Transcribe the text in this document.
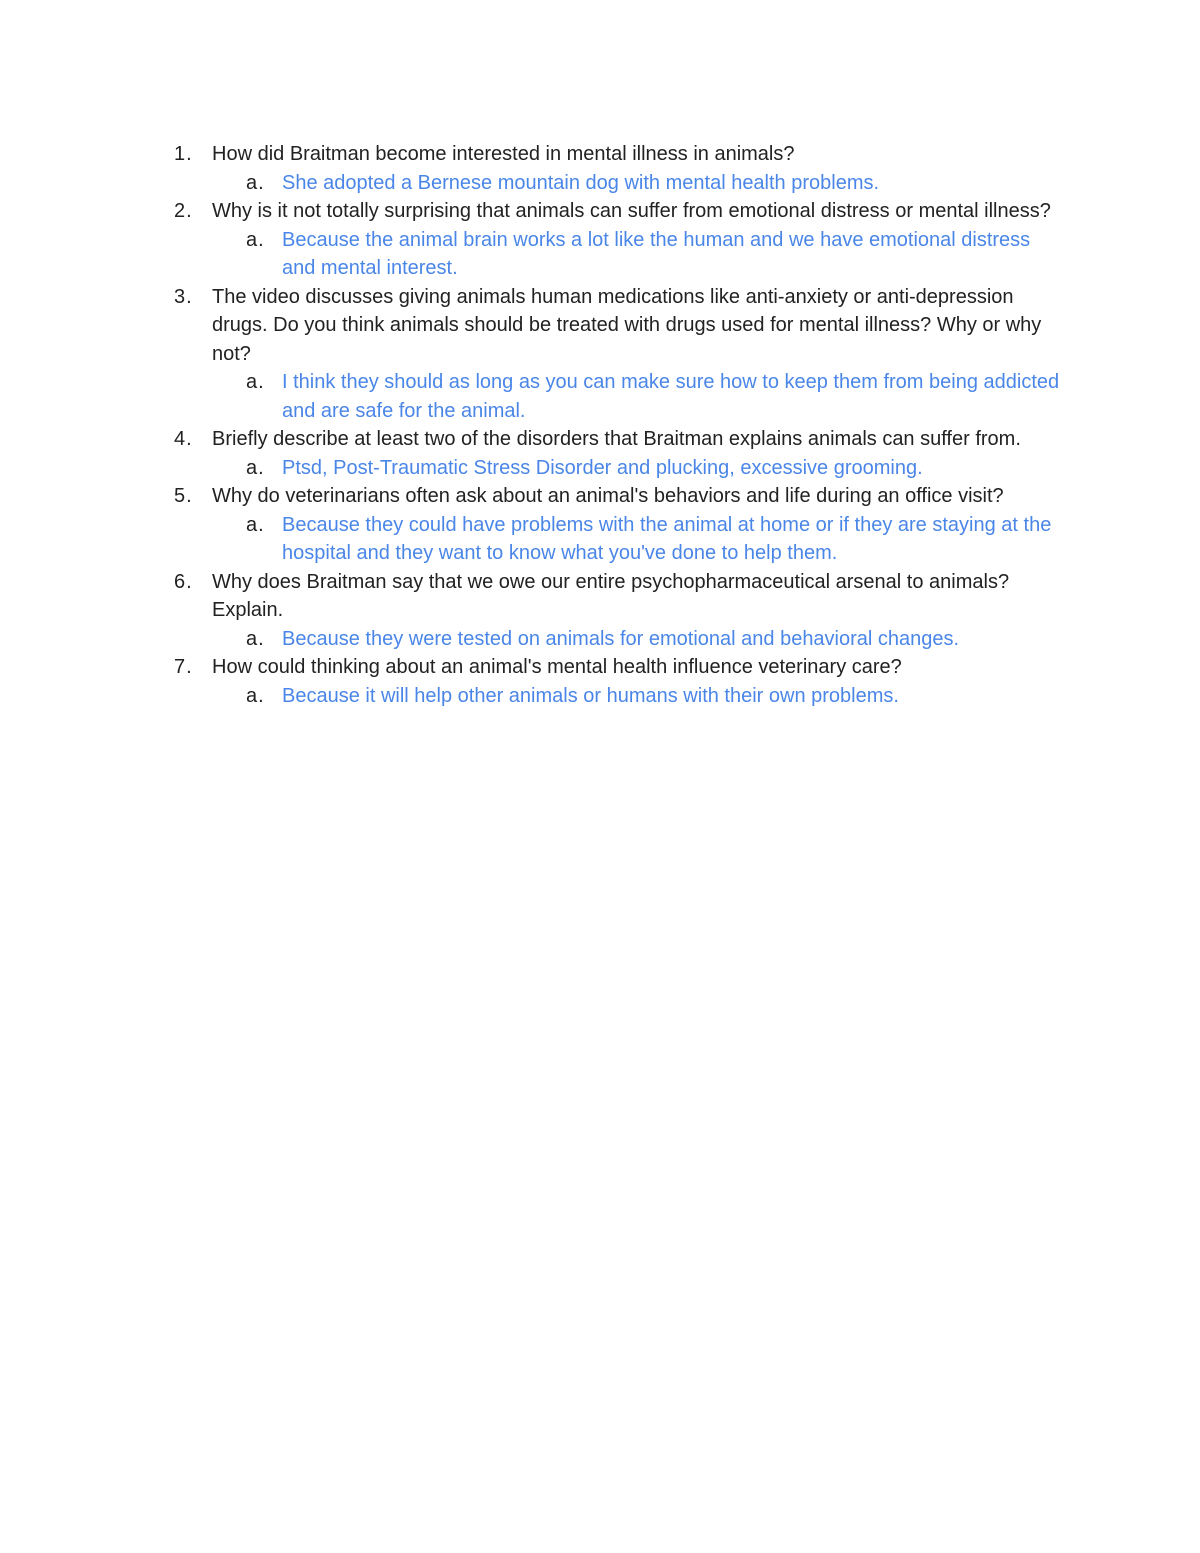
1. How did Braitman become interested in mental illness in animals?
a. She adopted a Bernese mountain dog with mental health problems.
2. Why is it not totally surprising that animals can suffer from emotional distress or mental illness?
a. Because the animal brain works a lot like the human and we have emotional distress and mental interest.
3. The video discusses giving animals human medications like anti-anxiety or anti-depression drugs. Do you think animals should be treated with drugs used for mental illness? Why or why not?
a. I think they should as long as you can make sure how to keep them from being addicted and are safe for the animal.
4. Briefly describe at least two of the disorders that Braitman explains animals can suffer from.
a. Ptsd, Post-Traumatic Stress Disorder and plucking, excessive grooming.
5. Why do veterinarians often ask about an animal's behaviors and life during an office visit?
a. Because they could have problems with the animal at home or if they are staying at the hospital and they want to know what you've done to help them.
6. Why does Braitman say that we owe our entire psychopharmaceutical arsenal to animals? Explain.
a. Because they were tested on animals for emotional and behavioral changes.
7. How could thinking about an animal's mental health influence veterinary care?
a. Because it will help other animals or humans with their own problems.
